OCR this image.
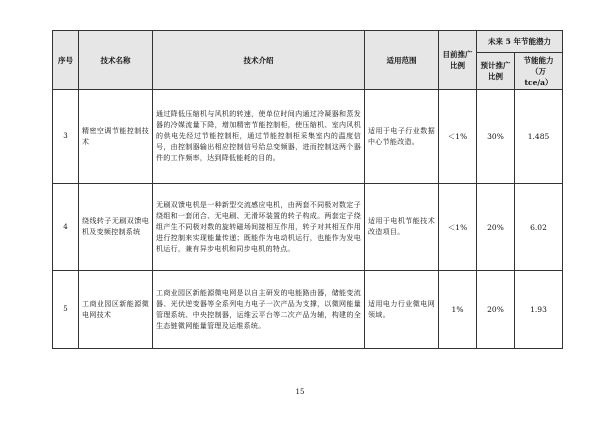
序号	技术名称	技术介绍	适用范围	目前推广比例	未来 5 年节能潜力	
					预计推广比例	节能能力（万 tce/a）
3	精密空调节能控制技术	通过降低压缩机与风机的转速，使单位时间内通过冷凝器和蒸发器的冷媒流量下降，增加精密节能控制柜，使压缩机、室内风机的供电先经过节能控制柜，通过节能控制柜采集室内的温度信号，由控制器输出相应控制信号给总变频器，进而控制这两个器件的工作频率，达到降低能耗的目的。	适用于电子行业数据中心节能改造。	＜1%	30%	1.485
4	绕线转子无刷双馈电机及变频控制系统	无刷双馈电机是一种新型交流感应电机，由两套不同极对数定子绕组和一套闭合、无电刷、无滑环装置的转子构成。两套定子绕组产生不同极对数的旋转磁场间接相互作用，转子对其相互作用进行控制来实现能量传递；既能作为电动机运行，也能作为发电机运行，兼有异步电机和同步电机的特点。	适用于电机节能技术改造项目。	＜1%	20%	6.02
5	工商业园区新能源微电网技术	工商业园区新能源微电网是以自主研发的电能路由器，储能变流器、光伏逆变器等全系列电力电子一次产品为支撑，以微网能量管理系统、中央控制器，运维云平台等二次产品为辅，构建的全生态链微网能量管理及运维系统。	适用电力行业微电网领域。	1%	20%	1.93
15
